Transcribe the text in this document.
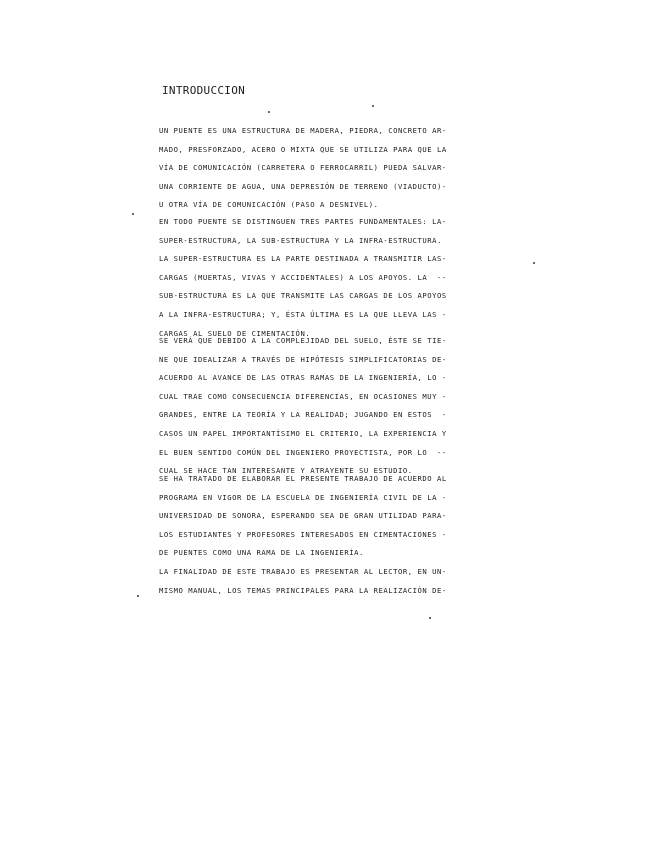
INTRODUCCION
UN PUENTE ES UNA ESTRUCTURA DE MADERA, PIEDRA, CONCRETO AR-
MADO, PRESFORZADO, ACERO O MIXTA QUE SE UTILIZA PARA QUE LA
VÍA DE COMUNICACIÓN (CARRETERA O FERROCARRIL) PUEDA SALVAR-
UNA CORRIENTE DE AGUA, UNA DEPRESIÓN DE TERRENO (VIADUCTO)-
U OTRA VÍA DE COMUNICACIÓN (PASO A DESNIVEL).
EN TODO PUENTE SE DISTINGUEN TRES PARTES FUNDAMENTALES: LA-
SUPER-ESTRUCTURA, LA SUB-ESTRUCTURA Y LA INFRA-ESTRUCTURA.
LA SUPER-ESTRUCTURA ES LA PARTE DESTINADA A TRANSMITIR LAS-
CARGAS (MUERTAS, VIVAS Y ACCIDENTALES) A LOS APOYOS. LA  --
SUB-ESTRUCTURA ES LA QUE TRANSMITE LAS CARGAS DE LOS APOYOS
A LA INFRA-ESTRUCTURA; Y, ÉSTA ÚLTIMA ES LA QUE LLEVA LAS -
CARGAS AL SUELO DE CIMENTACIÓN.
SE VERÁ QUE DEBIDO A LA COMPLEJIDAD DEL SUELO, ÉSTE SE TIE-
NE QUE IDEALIZAR A TRAVÉS DE HIPÓTESIS SIMPLIFICATORIAS DE-
ACUERDO AL AVANCE DE LAS OTRAS RAMAS DE LA INGENIERÍA, LO -
CUAL TRAE COMO CONSECUENCIA DIFERENCIAS, EN OCASIONES MUY -
GRANDES, ENTRE LA TEORÍA Y LA REALIDAD; JUGANDO EN ESTOS  -
CASOS UN PAPEL IMPORTANTÍSIMO EL CRITERIO, LA EXPERIENCIA Y
EL BUEN SENTIDO COMÚN DEL INGENIERO PROYECTISTA, POR LO  --
CUAL SE HACE TAN INTERESANTE Y ATRAYENTE SU ESTUDIO.
SE HA TRATADO DE ELABORAR EL PRESENTE TRABAJO DE ACUERDO AL
PROGRAMA EN VIGOR DE LA ESCUELA DE INGENIERÍA CIVIL DE LA -
UNIVERSIDAD DE SONORA, ESPERANDO SEA DE GRAN UTILIDAD PARA-
LOS ESTUDIANTES Y PROFESORES INTERESADOS EN CIMENTACIONES -
DE PUENTES COMO UNA RAMA DE LA INGENIERÍA.
LA FINALIDAD DE ESTE TRABAJO ES PRESENTAR AL LECTOR, EN UN-
MISMO MANUAL, LOS TEMAS PRINCIPALES PARA LA REALIZACIÓN DE-
